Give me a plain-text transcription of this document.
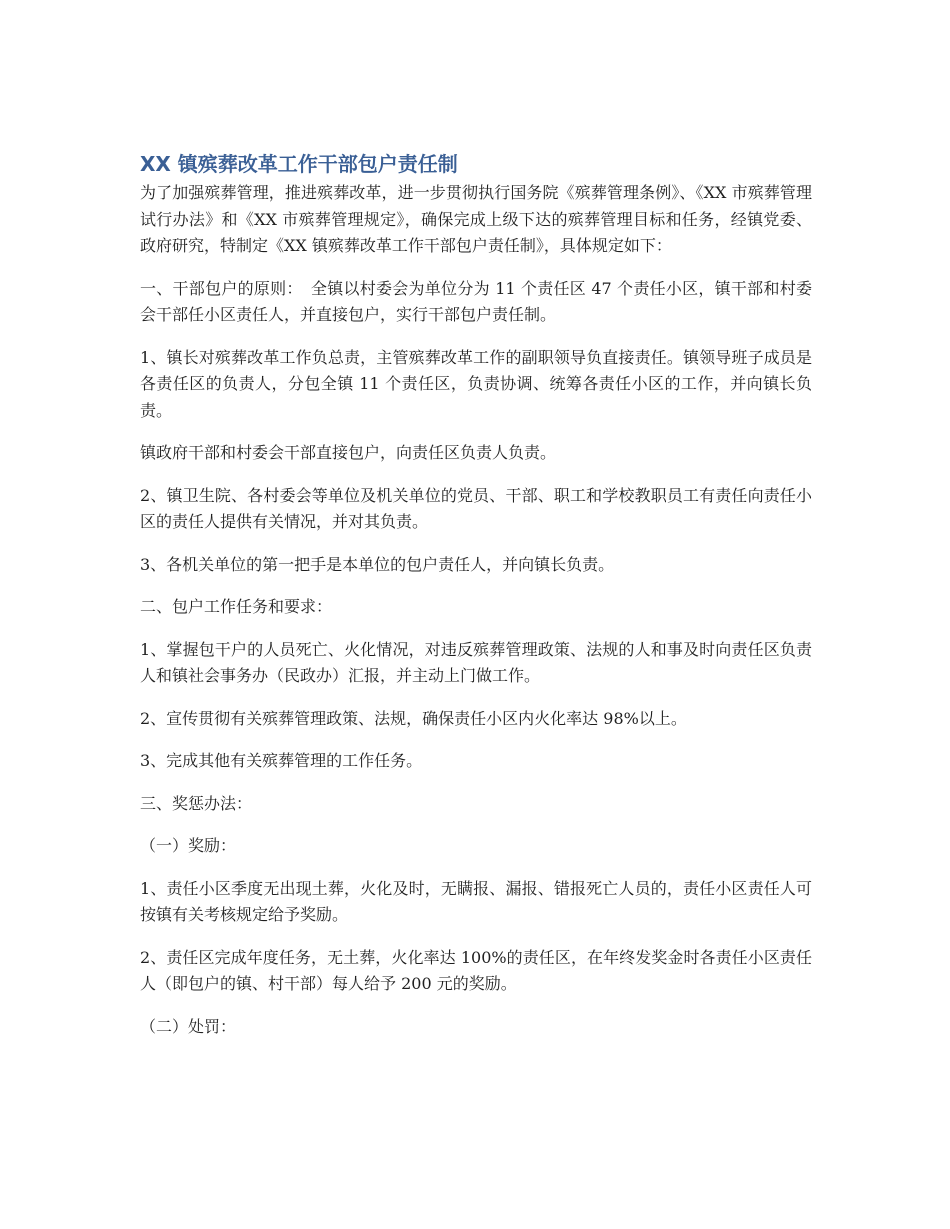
XX 镇殡葬改革工作干部包户责任制

为了加强殡葬管理，推进殡葬改革，进一步贯彻执行国务院《殡葬管理条例》、《XX 市殡葬管理试行办法》和《XX 市殡葬管理规定》，确保完成上级下达的殡葬管理目标和任务，经镇党委、政府研究，特制定《XX 镇殡葬改革工作干部包户责任制》，具体规定如下：

一、干部包户的原则：　全镇以村委会为单位分为 11 个责任区 47 个责任小区，镇干部和村委会干部任小区责任人，并直接包户，实行干部包户责任制。

1、镇长对殡葬改革工作负总责，主管殡葬改革工作的副职领导负直接责任。镇领导班子成员是各责任区的负责人，分包全镇 11 个责任区，负责协调、统筹各责任小区的工作，并向镇长负责。

镇政府干部和村委会干部直接包户，向责任区负责人负责。

2、镇卫生院、各村委会等单位及机关单位的党员、干部、职工和学校教职员工有责任向责任小区的责任人提供有关情况，并对其负责。

3、各机关单位的第一把手是本单位的包户责任人，并向镇长负责。

二、包户工作任务和要求：

1、掌握包干户的人员死亡、火化情况，对违反殡葬管理政策、法规的人和事及时向责任区负责人和镇社会事务办（民政办）汇报，并主动上门做工作。

2、宣传贯彻有关殡葬管理政策、法规，确保责任小区内火化率达 98%以上。

3、完成其他有关殡葬管理的工作任务。

三、奖惩办法：

（一）奖励：

1、责任小区季度无出现土葬，火化及时，无瞒报、漏报、错报死亡人员的，责任小区责任人可按镇有关考核规定给予奖励。

2、责任区完成年度任务，无土葬，火化率达 100%的责任区，在年终发奖金时各责任小区责任人（即包户的镇、村干部）每人给予 200 元的奖励。

（二）处罚：
